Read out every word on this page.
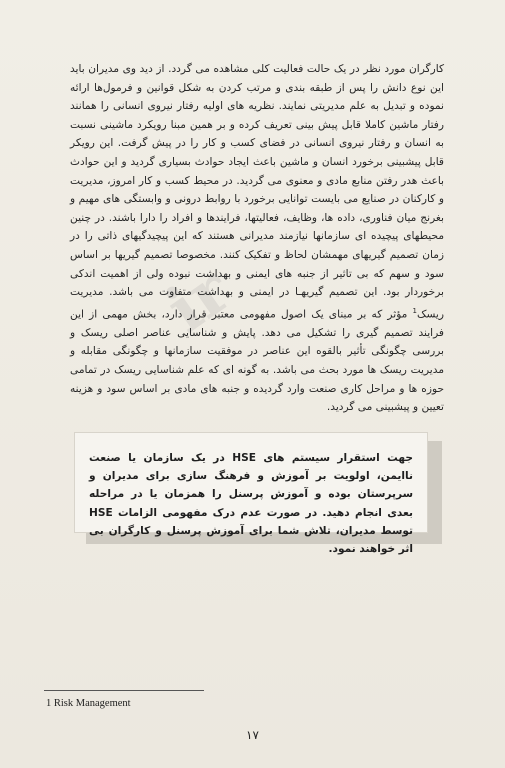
ir

کارگران مورد نظر در یک حالت فعالیت کلی مشاهده می گردد. از دید وی مدیران باید این نوع دانش را پس از طبقه بندی و مرتب کردن به شکل قوانین و فرمول‌ها ارائه نموده و تبدیل به علم مدیریتی نمایند. نظریه های اولیه رفتار نیروی انسانی را همانند رفتار ماشین کاملا قابل پیش بینی تعریف کرده و بر همین مبنا رویکرد ماشینی نسبت به انسان و رفتار نیروی انسانی در فضای کسب و کار را در پیش گرفت. این رویکر قابل پیشبینی برخورد انسان و ماشین باعث ایجاد حوادث بسیاری گردید و این حوادث باعث هدر رفتن منابع مادی و معنوی می گردید. در محیط کسب و کار امروز، مدیریت و کارکنان در صنایع می بایست توانایی برخورد با روابط درونی و وابستگی های مهیم و بغرنج میان فناوری، داده ها، وظایف، فعالیتها، فرایندها و افراد را دارا باشند. در چنین محیطهای پیچیده ای سازمانها نیازمند مدیرانی هستند که این پیچیدگیهای ذاتی را در زمان تصمیم گیریهای مهمشان لحاظ و تفکیک کنند. مخصوصا تصمیم گیریها بر اساس سود و سهم که بی تاثیر از جنبه های ایمنی و بهداشت نبوده ولی از اهمیت اندکی برخوردار بود. این تصمیم گیریهـا در ایمنی و بهداشت متفاوت می باشد. مدیریت ریسک$^1$ مؤثر که بر مبنای یک اصول مفهومی معتبر قرار دارد، بخش مهمی از این فرایند تصمیم گیری را تشکیل می دهد. پایش و شناسایی عناصر اصلی ریسک و بررسی چگونگی تأثیر بالقوه این عناصر در موفقیت سازمانها و چگونگی مقابله و مدیریت ریسک ها مورد بحث می باشد. به گونه ای که علم شناسایی ریسک در تمامی حوزه ها و مراحل کاری صنعت وارد گردیده و جنبه های مادی بر اساس سود و هزینه تعیین و پیشبینی می گردید.

جهت استقرار سیستم های HSE در یک سازمان یا صنعت ناایمن، اولویت بر آموزش و فرهنگ سازی برای مدیران و سرپرستان بوده و آموزش پرسنل را همزمان یا در مراحله بعدی انجام دهید. در صورت عدم درک مفهومی الزامات HSE توسط مدیران، تلاش شما برای آموزش پرسنل و کارگران بی اثر خواهند نمود.

1 Risk Management
۱۷
